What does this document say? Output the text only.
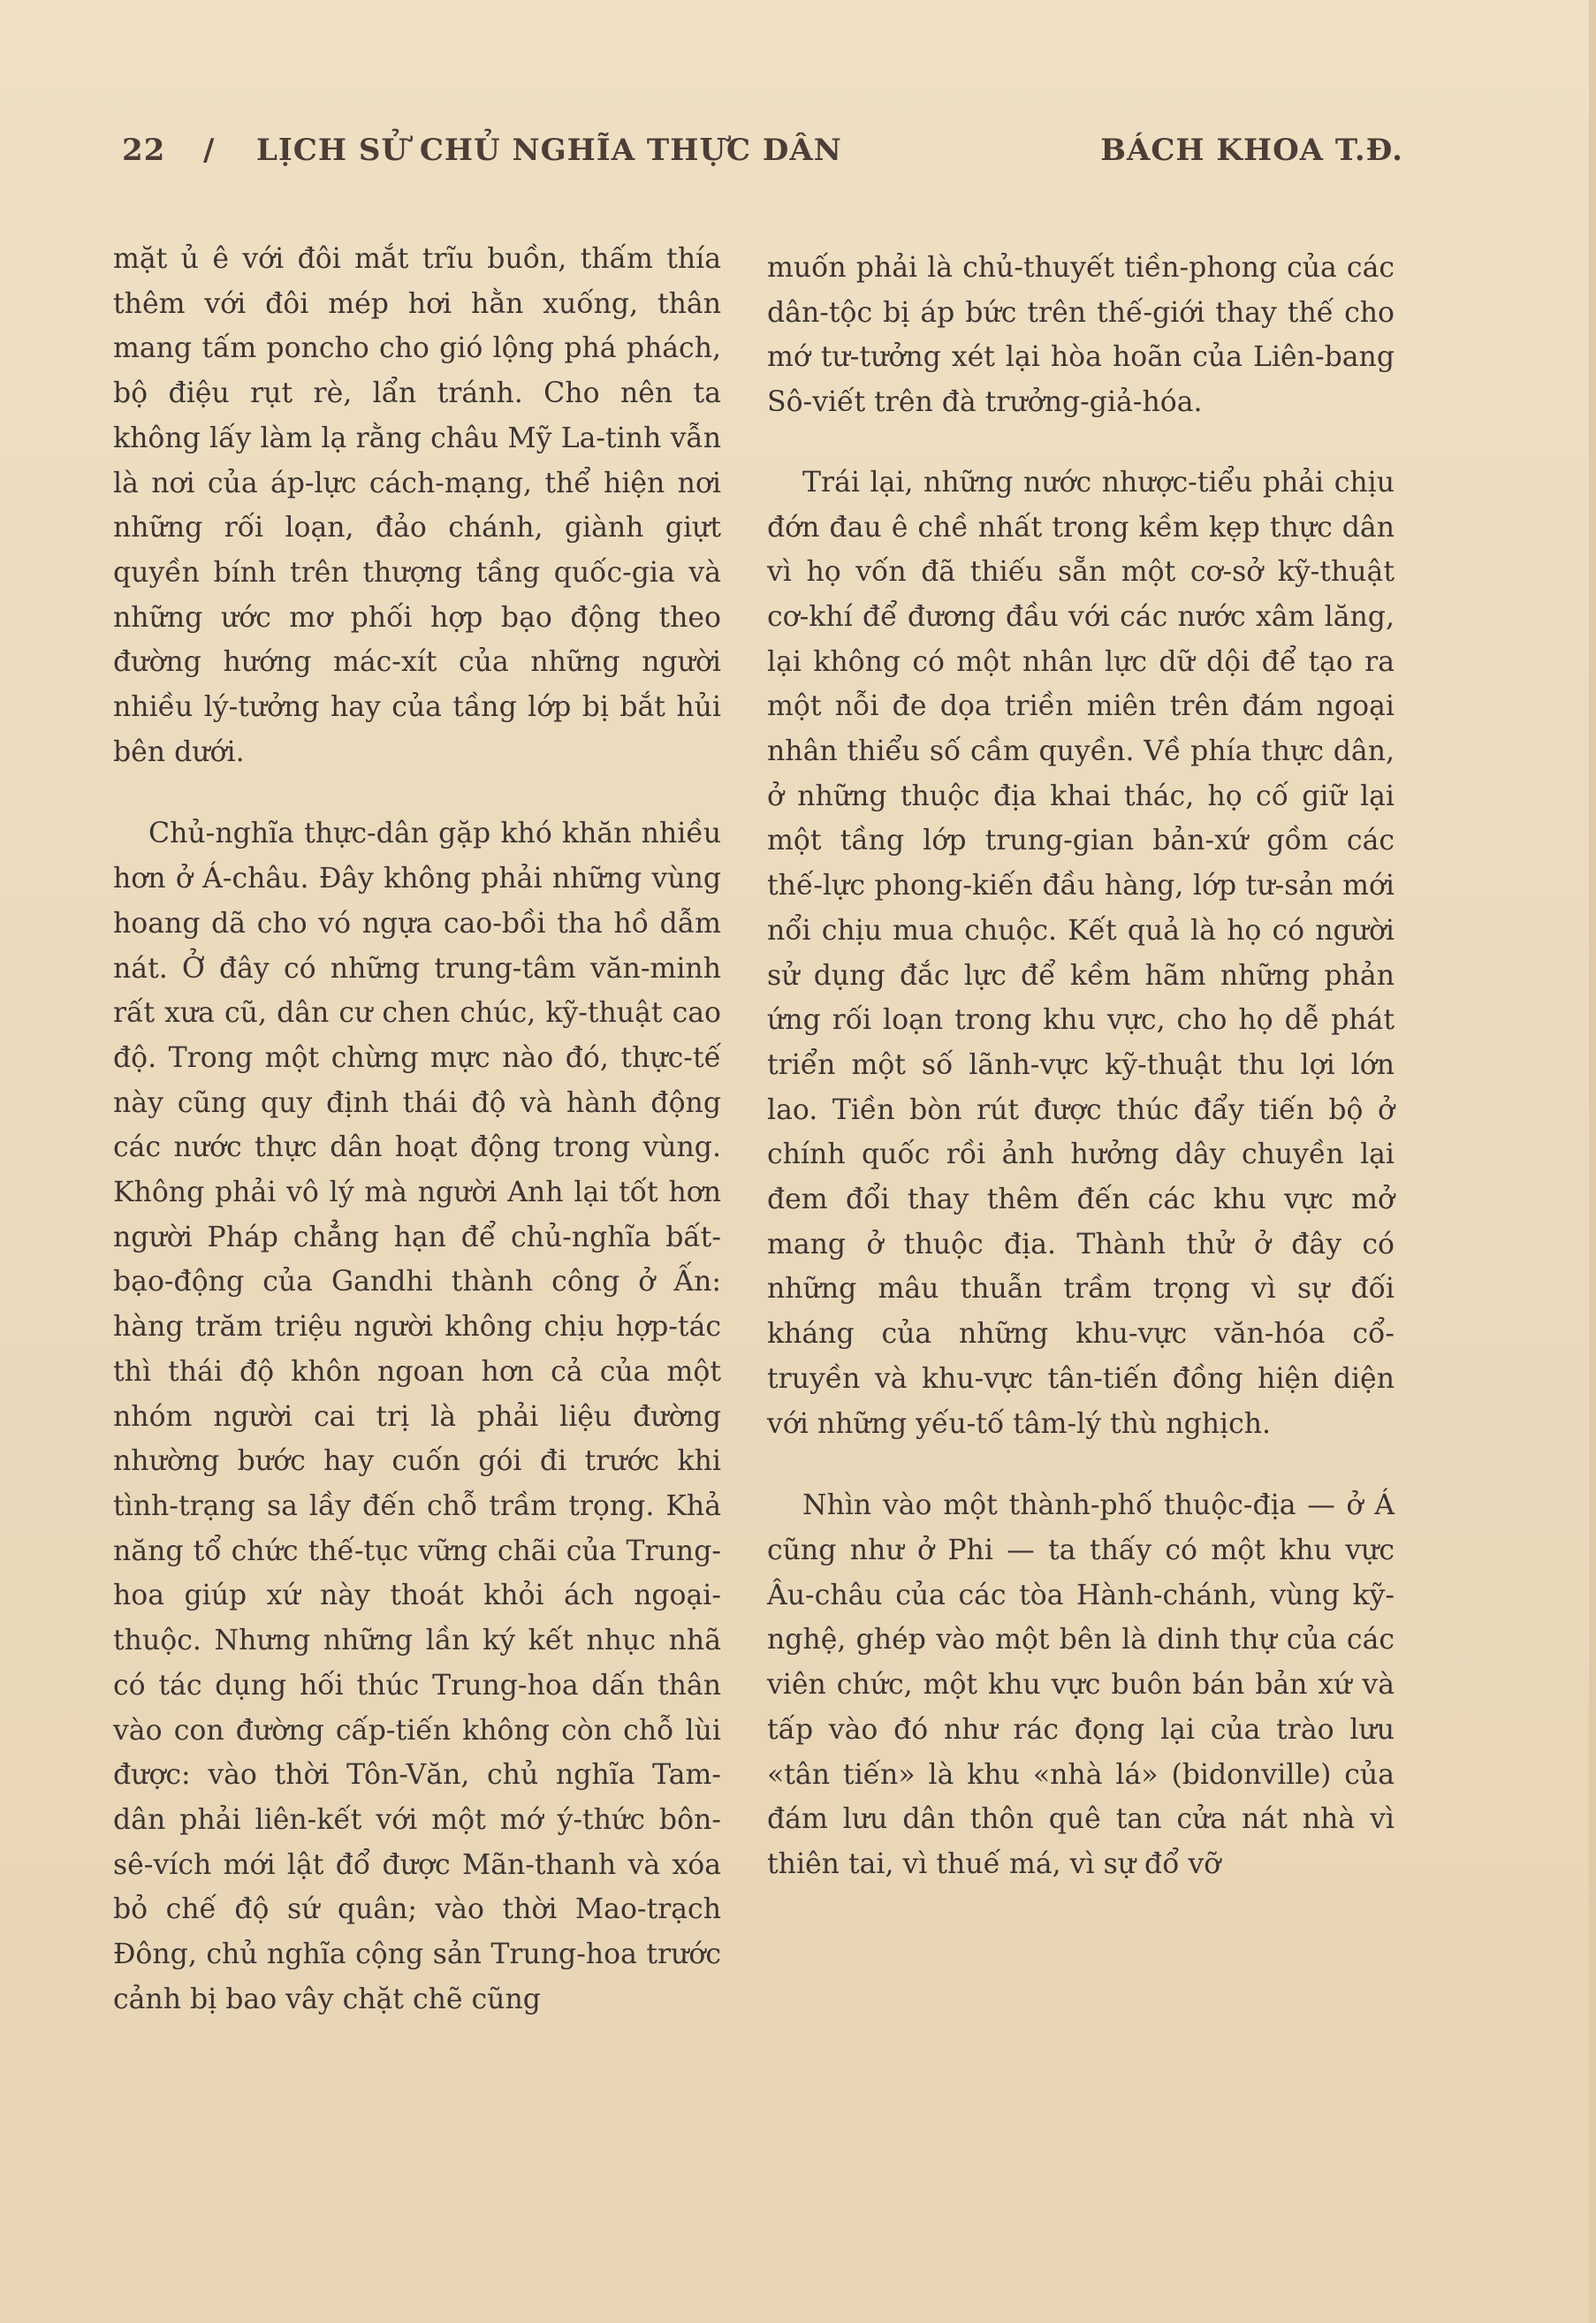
22 / LỊCH SỬ CHỦ NGHĨA THỰC DÂN	BÁCH KHOA T.Đ.

mặt ủ ê với đôi mắt trĩu buồn, thấm thía thêm với đôi mép hơi hằn xuống, thân mang tấm poncho cho gió lộng phá phách, bộ điệu rụt rè, lẩn tránh. Cho nên ta không lấy làm lạ rằng châu Mỹ La-tinh vẫn là nơi của áp-lực cách-mạng, thể hiện nơi những rối loạn, đảo chánh, giành giựt quyền bính trên thượng tầng quốc-gia và những ước mơ phối hợp bạo động theo đường hướng mác-xít của những người nhiều lý-tưởng hay của tầng lớp bị bắt hủi bên dưới.

Chủ-nghĩa thực-dân gặp khó khăn nhiều hơn ở Á-châu. Đây không phải những vùng hoang dã cho vó ngựa cao-bồi tha hồ dẫm nát. Ở đây có những trung-tâm văn-minh rất xưa cũ, dân cư chen chúc, kỹ-thuật cao độ. Trong một chừng mực nào đó, thực-tế này cũng quy định thái độ và hành động các nước thực dân hoạt động trong vùng. Không phải vô lý mà người Anh lại tốt hơn người Pháp chẳng hạn để chủ-nghĩa bất-bạo-động của Gandhi thành công ở Ấn: hàng trăm triệu người không chịu hợp-tác thì thái độ khôn ngoan hơn cả của một nhóm người cai trị là phải liệu đường nhường bước hay cuốn gói đi trước khi tình-trạng sa lầy đến chỗ trầm trọng. Khả năng tổ chức thế-tục vững chãi của Trung-hoa giúp xứ này thoát khỏi ách ngoại-thuộc. Nhưng những lần ký kết nhục nhã có tác dụng hối thúc Trung-hoa dấn thân vào con đường cấp-tiến không còn chỗ lùi được: vào thời Tôn-Văn, chủ nghĩa Tam-dân phải liên-kết với một mớ ý-thức bôn-sê-vích mới lật đổ được Mãn-thanh và xóa bỏ chế độ sứ quân; vào thời Mao-trạch Đông, chủ nghĩa cộng sản Trung-hoa trước cảnh bị bao vây chặt chẽ cũng

muốn phải là chủ-thuyết tiền-phong của các dân-tộc bị áp bức trên thế-giới thay thế cho mớ tư-tưởng xét lại hòa hoãn của Liên-bang Sô-viết trên đà trưởng-giả-hóa.

Trái lại, những nước nhược-tiểu phải chịu đớn đau ê chề nhất trong kềm kẹp thực dân vì họ vốn đã thiếu sẵn một cơ-sở kỹ-thuật cơ-khí để đương đầu với các nước xâm lăng, lại không có một nhân lực dữ dội để tạo ra một nỗi đe dọa triền miên trên đám ngoại nhân thiểu số cầm quyền. Về phía thực dân, ở những thuộc địa khai thác, họ cố giữ lại một tầng lớp trung-gian bản-xứ gồm các thế-lực phong-kiến đầu hàng, lớp tư-sản mới nổi chịu mua chuộc. Kết quả là họ có người sử dụng đắc lực để kềm hãm những phản ứng rối loạn trong khu vực, cho họ dễ phát triển một số lãnh-vực kỹ-thuật thu lợi lớn lao. Tiền bòn rút được thúc đẩy tiến bộ ở chính quốc rồi ảnh hưởng dây chuyền lại đem đổi thay thêm đến các khu vực mở mang ở thuộc địa. Thành thử ở đây có những mâu thuẫn trầm trọng vì sự đối kháng của những khu-vực văn-hóa cổ-truyền và khu-vực tân-tiến đồng hiện diện với những yếu-tố tâm-lý thù nghịch.

Nhìn vào một thành-phố thuộc-địa — ở Á cũng như ở Phi — ta thấy có một khu vực Âu-châu của các tòa Hành-chánh, vùng kỹ-nghệ, ghép vào một bên là dinh thự của các viên chức, một khu vực buôn bán bản xứ và tấp vào đó như rác đọng lại của trào lưu «tân tiến» là khu «nhà lá» (bidonville) của đám lưu dân thôn quê tan cửa nát nhà vì thiên tai, vì thuế má, vì sự đổ vỡ
